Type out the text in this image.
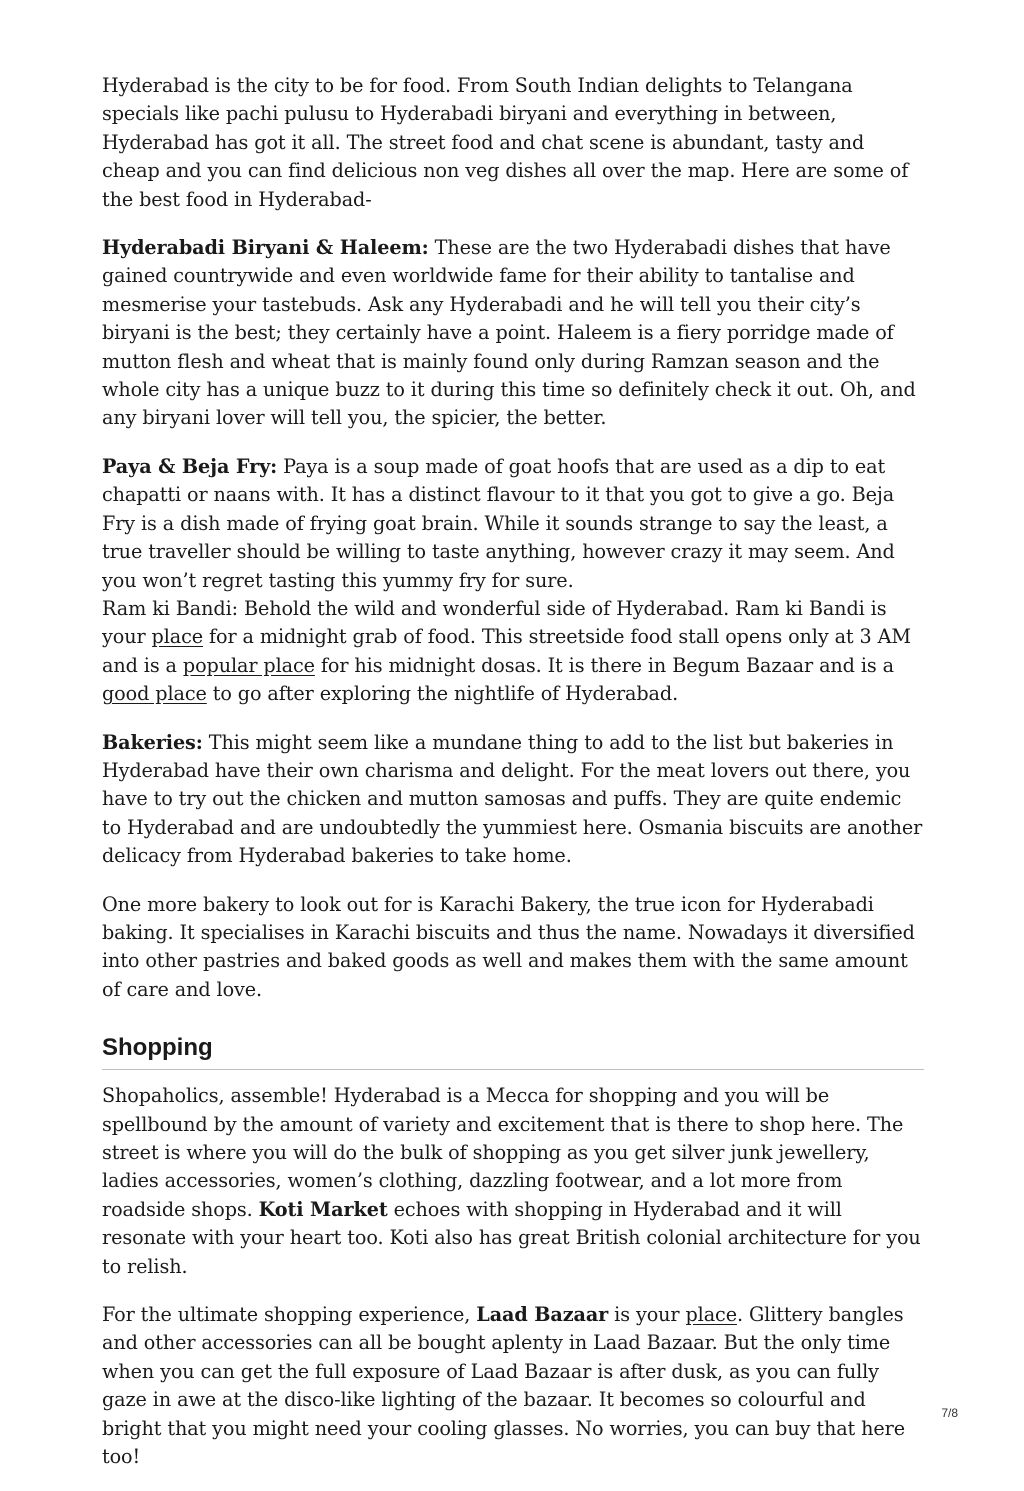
Hyderabad is the city to be for food. From South Indian delights to Telangana specials like pachi pulusu to Hyderabadi biryani and everything in between, Hyderabad has got it all. The street food and chat scene is abundant, tasty and cheap and you can find delicious non veg dishes all over the map. Here are some of the best food in Hyderabad-

Hyderabadi Biryani & Haleem: These are the two Hyderabadi dishes that have gained countrywide and even worldwide fame for their ability to tantalise and mesmerise your tastebuds. Ask any Hyderabadi and he will tell you their city’s biryani is the best; they certainly have a point. Haleem is a fiery porridge made of mutton flesh and wheat that is mainly found only during Ramzan season and the whole city has a unique buzz to it during this time so definitely check it out. Oh, and any biryani lover will tell you, the spicier, the better.

Paya & Beja Fry: Paya is a soup made of goat hoofs that are used as a dip to eat chapatti or naans with. It has a distinct flavour to it that you got to give a go. Beja Fry is a dish made of frying goat brain. While it sounds strange to say the least, a true traveller should be willing to taste anything, however crazy it may seem. And you won’t regret tasting this yummy fry for sure.

Ram ki Bandi: Behold the wild and wonderful side of Hyderabad. Ram ki Bandi is your place for a midnight grab of food. This streetside food stall opens only at 3 AM and is a popular place for his midnight dosas. It is there in Begum Bazaar and is a good place to go after exploring the nightlife of Hyderabad.

Bakeries: This might seem like a mundane thing to add to the list but bakeries in Hyderabad have their own charisma and delight. For the meat lovers out there, you have to try out the chicken and mutton samosas and puffs. They are quite endemic to Hyderabad and are undoubtedly the yummiest here. Osmania biscuits are another delicacy from Hyderabad bakeries to take home.

One more bakery to look out for is Karachi Bakery, the true icon for Hyderabadi baking. It specialises in Karachi biscuits and thus the name. Nowadays it diversified into other pastries and baked goods as well and makes them with the same amount of care and love.

Shopping

Shopaholics, assemble! Hyderabad is a Mecca for shopping and you will be spellbound by the amount of variety and excitement that is there to shop here. The street is where you will do the bulk of shopping as you get silver junk jewellery, ladies accessories, women’s clothing, dazzling footwear, and a lot more from roadside shops. Koti Market echoes with shopping in Hyderabad and it will resonate with your heart too. Koti also has great British colonial architecture for you to relish.

For the ultimate shopping experience, Laad Bazaar is your place. Glittery bangles and other accessories can all be bought aplenty in Laad Bazaar. But the only time when you can get the full exposure of Laad Bazaar is after dusk, as you can fully gaze in awe at the disco-like lighting of the bazaar. It becomes so colourful and bright that you might need your cooling glasses. No worries, you can buy that here too!

7/8
